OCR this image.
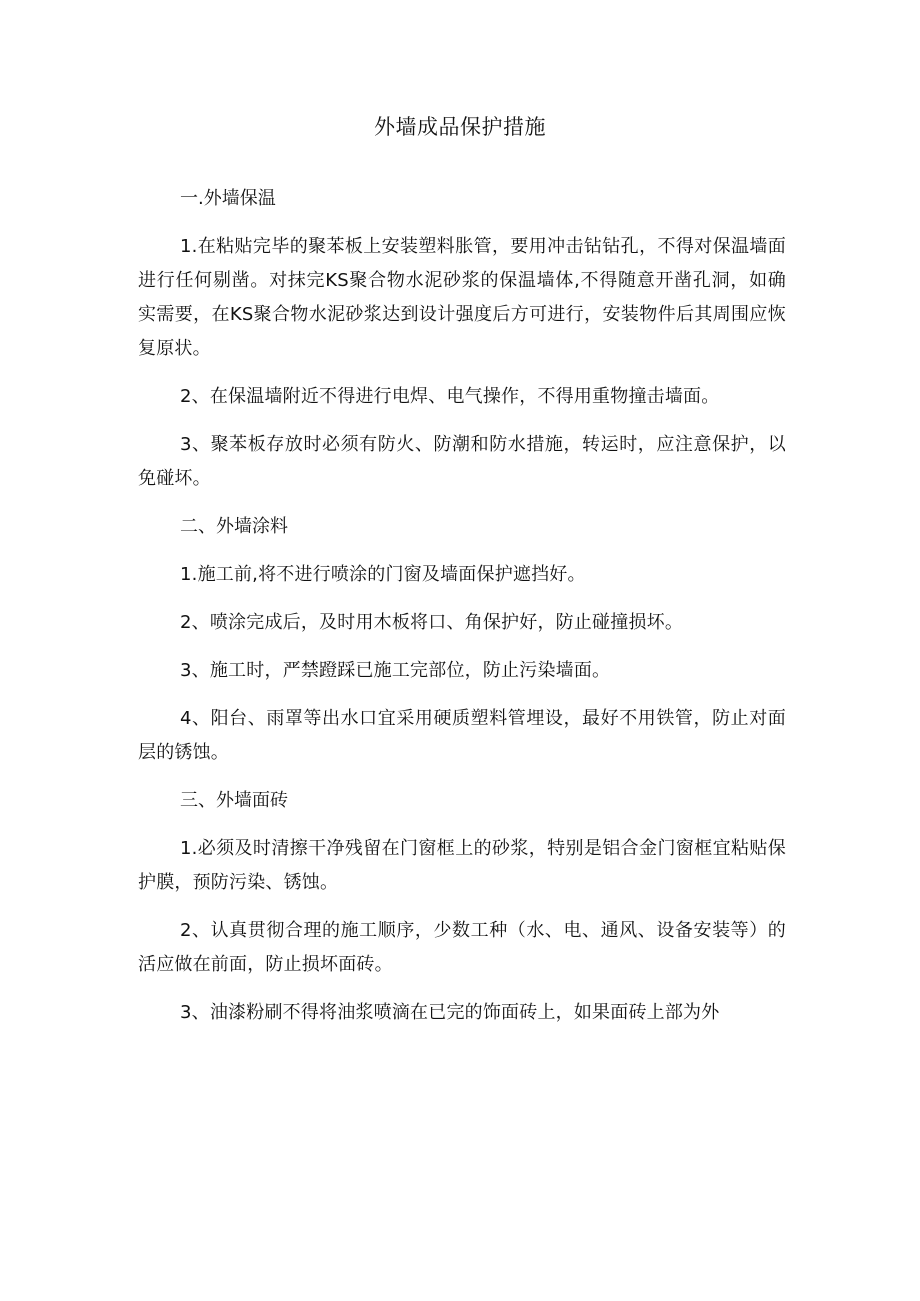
外墙成品保护措施

一.外墙保温

1.在粘贴完毕的聚苯板上安装塑料胀管，要用冲击钻钻孔，不得对保温墙面进行任何剔凿。对抹完KS聚合物水泥砂浆的保温墙体,不得随意开凿孔洞，如确实需要，在KS聚合物水泥砂浆达到设计强度后方可进行，安装物件后其周围应恢复原状。

2、在保温墙附近不得进行电焊、电气操作，不得用重物撞击墙面。

3、聚苯板存放时必须有防火、防潮和防水措施，转运时，应注意保护，以免碰坏。

二、外墙涂料

1.施工前,将不进行喷涂的门窗及墙面保护遮挡好。

2、喷涂完成后，及时用木板将口、角保护好，防止碰撞损坏。

3、施工时，严禁蹬踩已施工完部位，防止污染墙面。

4、阳台、雨罩等出水口宜采用硬质塑料管埋设，最好不用铁管，防止对面层的锈蚀。

三、外墙面砖

1.必须及时清擦干净残留在门窗框上的砂浆，特别是铝合金门窗框宜粘贴保护膜，预防污染、锈蚀。

2、认真贯彻合理的施工顺序，少数工种（水、电、通风、设备安装等）的活应做在前面，防止损坏面砖。

3、油漆粉刷不得将油浆喷滴在已完的饰面砖上，如果面砖上部为外
